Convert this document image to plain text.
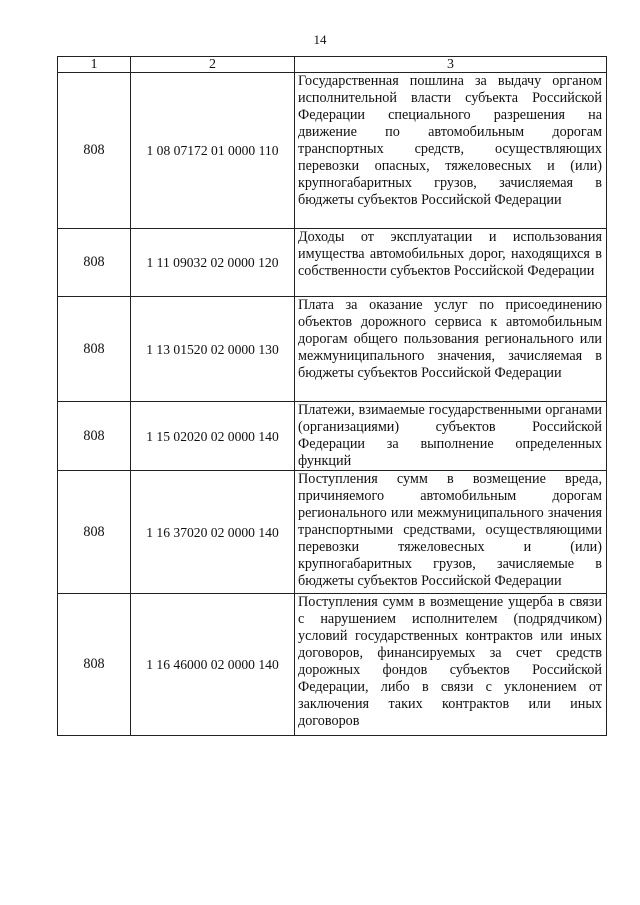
14
1	2	3
808	1 08 07172 01 0000 110	Государственная пошлина за выдачу органом исполнительной власти субъекта Российской Федерации специального разрешения на движение по автомобильным дорогам транспортных средств, осуществляющих перевозки опасных, тяжеловесных и (или) крупногабаритных грузов, зачисляемая в бюджеты субъектов Российской Федерации
808	1 11 09032 02 0000 120	Доходы от эксплуатации и использования имущества автомобильных дорог, находящихся в собственности субъектов Российской Федерации
808	1 13 01520 02 0000 130	Плата за оказание услуг по присоединению объектов дорожного сервиса к автомобильным дорогам общего пользования регионального или межмуниципального значения, зачисляемая в бюджеты субъектов Российской Федерации
808	1 15 02020 02 0000 140	Платежи, взимаемые государственными органами (организациями) субъектов Российской Федерации за выполнение определенных функций
808	1 16 37020 02 0000 140	Поступления сумм в возмещение вреда, причиняемого автомобильным дорогам регионального или межмуниципального значения транспортными средствами, осуществляющими перевозки тяжеловесных и (или) крупногабаритных грузов, зачисляемые в бюджеты субъектов Российской Федерации
808	1 16 46000 02 0000 140	Поступления сумм в возмещение ущерба в связи с нарушением исполнителем (подрядчиком) условий государственных контрактов или иных договоров, финансируемых за счет средств дорожных фондов субъектов Российской Федерации, либо в связи с уклонением от заключения таких контрактов или иных договоров
